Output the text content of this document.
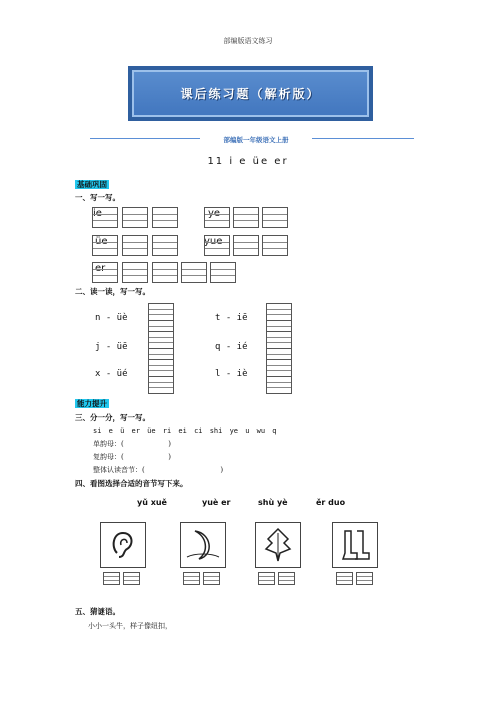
部编版语文练习
课后练习题（解析版）
部编版一年级语文上册
11 i e üe er
基础巩固
一、写一写。
ie	ye
üe	yue
er
二、读一读，写一写。
n - üè	t - iē
j - üē	q - ié
x - üé	l - iè
能力提升
三、分一分，写一写。
si e ü er üe ri ei ci shi ye u wu q
单韵母：(                    )
复韵母：(                    )
整体认读音节：(                                  )
四、看图选择合适的音节写下来。
yǔ xuě	yuè er	shù yè	ěr duo
五、猜谜语。
小小一头牛，样子像纽扣，
